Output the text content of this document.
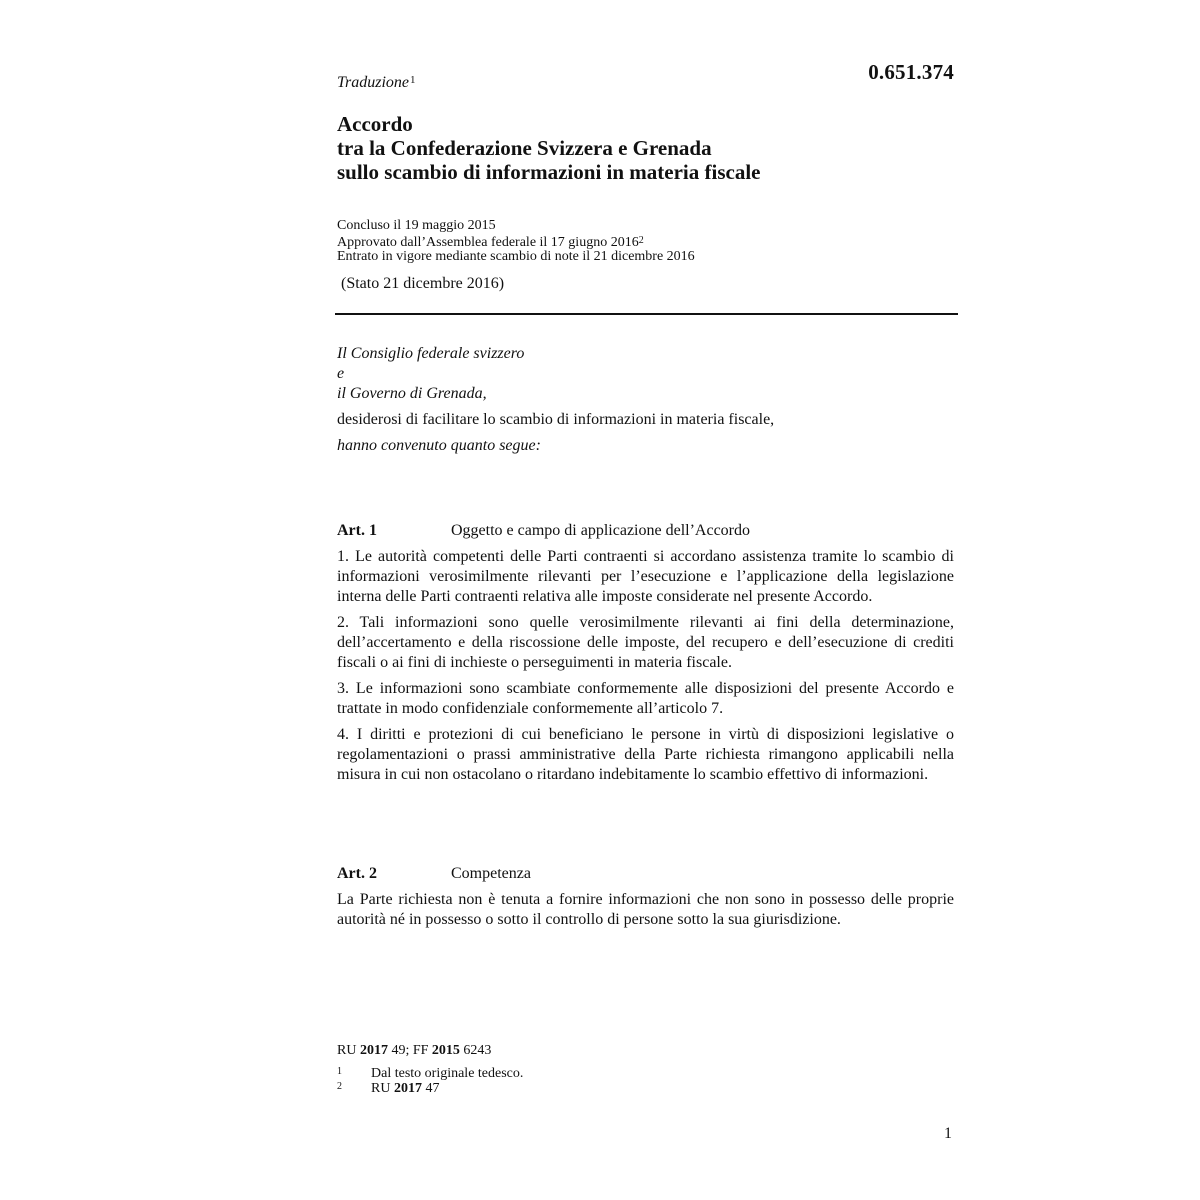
0.651.374
Traduzione$^1$
Accordo
tra la Confederazione Svizzera e Grenada
sullo scambio di informazioni in materia fiscale
Concluso il 19 maggio 2015
Approvato dall’Assemblea federale il 17 giugno 2016$^2$
Entrato in vigore mediante scambio di note il 21 dicembre 2016
(Stato 21 dicembre 2016)
Il Consiglio federale svizzero
e
il Governo di Grenada,
desiderosi di facilitare lo scambio di informazioni in materia fiscale,
hanno convenuto quanto segue:
Art. 1	Oggetto e campo di applicazione dell’Accordo
1. Le autorità competenti delle Parti contraenti si accordano assistenza tramite lo scambio di informazioni verosimilmente rilevanti per l’esecuzione e l’applicazione della legislazione interna delle Parti contraenti relativa alle imposte considerate nel presente Accordo.
2. Tali informazioni sono quelle verosimilmente rilevanti ai fini della determinazione, dell’accertamento e della riscossione delle imposte, del recupero e dell’esecuzione di crediti fiscali o ai fini di inchieste o perseguimenti in materia fiscale.
3. Le informazioni sono scambiate conformemente alle disposizioni del presente Accordo e trattate in modo confidenziale conformemente all’articolo 7.
4. I diritti e protezioni di cui beneficiano le persone in virtù di disposizioni legislative o regolamentazioni o prassi amministrative della Parte richiesta rimangono applicabili nella misura in cui non ostacolano o ritardano indebitamente lo scambio effettivo di informazioni.
Art. 2	Competenza
La Parte richiesta non è tenuta a fornire informazioni che non sono in possesso delle proprie autorità né in possesso o sotto il controllo di persone sotto la sua giurisdizione.
RU 2017 49; FF 2015 6243
1 Dal testo originale tedesco.
2 RU 2017 47
1
